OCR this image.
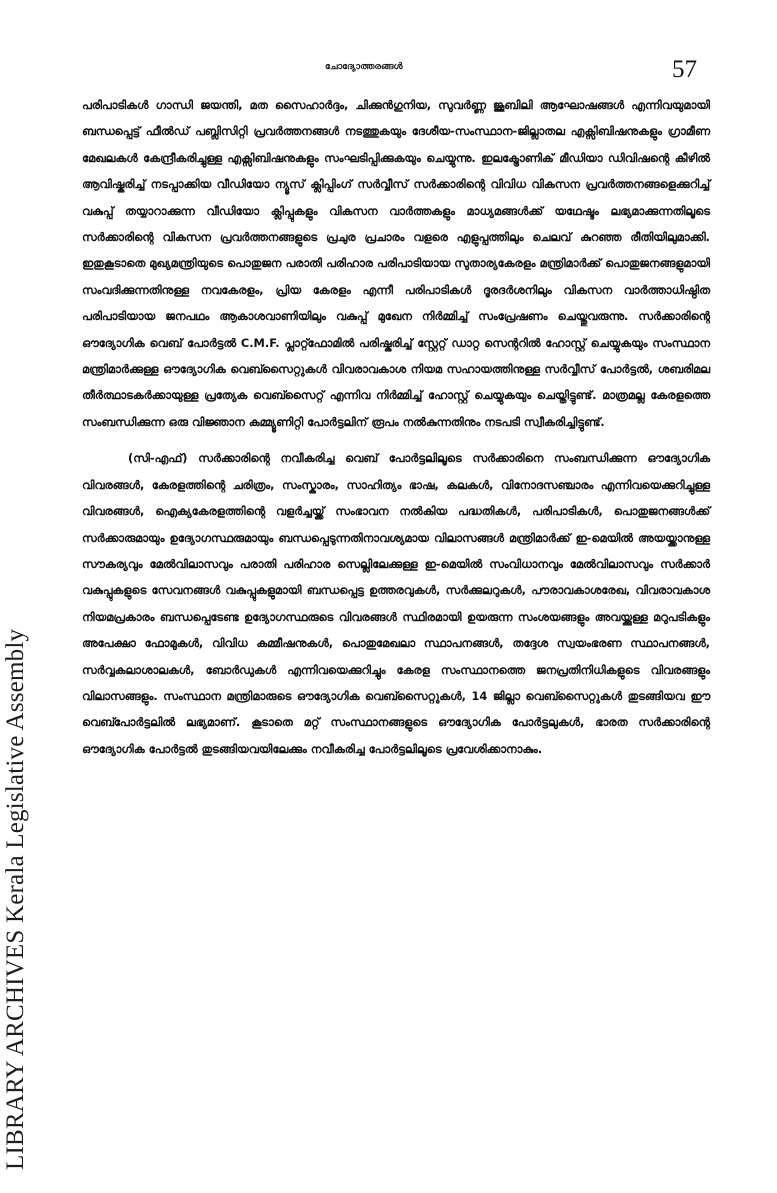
LIBRARY ARCHIVES Kerala Legislative Assembly
ചോദ്യോത്തരങ്ങൾ	57

പരിപാടികൾ ഗാന്ധി ജയന്തി, മത സൈഹാർദ്ദം, ചിക്കുൻഗുനിയ, സുവർണ്ണ ജൂബിലി ആഘോഷങ്ങൾ എന്നിവയുമായി ബന്ധപ്പെട്ട് ഫീൽഡ് പബ്ലിസിറ്റി പ്രവർത്തനങ്ങൾ നടത്തുകയും ദേശീയ-സംസ്ഥാന-ജില്ലാതല എക്സിബിഷനുകളും ഗ്രാമീണ മേഖലകൾ കേന്ദ്രീകരിച്ചുള്ള എക്സിബിഷനുകളും സംഘടിപ്പിക്കുകയും ചെയ്യുന്നു. ഇലക്ട്രോണിക് മീഡിയാ ഡിവിഷന്റെ കീഴിൽ ആവിഷ്കരിച്ച് നടപ്പാക്കിയ വീഡിയോ ന്യൂസ് ക്ലിപ്പിംഗ് സർവ്വീസ് സർക്കാരിന്റെ വിവിധ വികസന പ്രവർത്തനങ്ങളെക്കുറിച്ച് വകുപ്പ് തയ്യാറാക്കുന്ന വീഡിയോ ക്ലിപ്പുകളും വികസന വാർത്തകളും മാധ്യമങ്ങൾക്ക് യഥേഷ്ടം ലഭ്യമാക്കുന്നതിലൂടെ സർക്കാരിന്റെ വികസന പ്രവർത്തനങ്ങളുടെ പ്രചുര പ്രചാരം വളരെ എളുപ്പത്തിലും ചെലവ് കുറഞ്ഞ രീതിയിലുമാക്കി. ഇതുകൂടാതെ മുഖ്യമന്ത്രിയുടെ പൊതുജന പരാതി പരിഹാര പരിപാടിയായ സുതാര്യകേരളം മന്ത്രിമാർക്ക് പൊതുജനങ്ങളുമായി സംവദിക്കുന്നതിനുള്ള നവകേരളം, പ്രിയ കേരളം എന്നീ പരിപാടികൾ ദൂരദർശനിലും വികസന വാർത്താധിഷ്ഠിത പരിപാടിയായ ജനപഥം ആകാശവാണിയിലും വകുപ്പ് മുഖേന നിർമ്മിച്ച് സംപ്രേഷണം ചെയ്തുവരുന്നു. സർക്കാരിന്റെ ഔദ്യോഗിക വെബ് പോർട്ടൽ C.M.F. പ്ലാറ്റ്ഫോമിൽ പരിഷ്കരിച്ച് സ്റ്റേറ്റ് ഡാറ്റ സെന്ററിൽ ഹോസ്റ്റ് ചെയ്യുകയും സംസ്ഥാന മന്ത്രിമാർക്കുള്ള ഔദ്യോഗിക വെബ്സൈറ്റുകൾ വിവരാവകാശ നിയമ സഹായത്തിനുള്ള സർവ്വീസ് പോർട്ടൽ, ശബരിമല തീർത്ഥാടകർക്കായുള്ള പ്രത്യേക വെബ്സൈറ്റ് എന്നിവ നിർമ്മിച്ച് ഹോസ്റ്റ് ചെയ്യുകയും ചെയ്തിട്ടുണ്ട്. മാത്രമല്ല കേരളത്തെ സംബന്ധിക്കുന്ന ഒരു വിജ്ഞാന കമ്മ്യൂണിറ്റി പോർട്ടലിന് രൂപം നൽകുന്നതിനും നടപടി സ്വീകരിച്ചിട്ടുണ്ട്.

(സി-എഫ്) സർക്കാരിന്റെ നവീകരിച്ച വെബ് പോർട്ടലിലൂടെ സർക്കാരിനെ സംബന്ധിക്കുന്ന ഔദ്യോഗിക വിവരങ്ങൾ, കേരളത്തിന്റെ ചരിത്രം, സംസ്കാരം, സാഹിത്യം ഭാഷ, കലകൾ, വിനോദസഞ്ചാരം എന്നിവയെക്കുറിച്ചുള്ള വിവരങ്ങൾ, ഐക്യകേരളത്തിന്റെ വളർച്ചയ്ക്ക് സംഭാവന നൽകിയ പദ്ധതികൾ, പരിപാടികൾ, പൊതുജനങ്ങൾക്ക് സർക്കാരുമായും ഉദ്യോഗസ്ഥരുമായും ബന്ധപ്പെടുന്നതിനാവശ്യമായ വിലാസങ്ങൾ മന്ത്രിമാർക്ക് ഇ-മെയിൽ അയയ്ക്കാനുള്ള സൗകര്യവും മേൽവിലാസവും പരാതി പരിഹാര സെല്ലിലേക്കുള്ള ഇ-മെയിൽ സംവിധാനവും മേൽവിലാസവും സർക്കാർ വകുപ്പുകളുടെ സേവനങ്ങൾ വകുപ്പുകളുമായി ബന്ധപ്പെട്ട ഉത്തരവുകൾ, സർക്കുലറുകൾ, പൗരാവകാശരേഖ, വിവരാവകാശ നിയമപ്രകാരം ബന്ധപ്പെടേണ്ട ഉദ്യോഗസ്ഥരുടെ വിവരങ്ങൾ സ്ഥിരമായി ഉയരുന്ന സംശയങ്ങളും അവയ്ക്കുള്ള മറുപടികളും അപേക്ഷാ ഫോമുകൾ, വിവിധ കമ്മീഷനുകൾ, പൊതുമേഖലാ സ്ഥാപനങ്ങൾ, തദ്ദേശ സ്വയംഭരണ സ്ഥാപനങ്ങൾ, സർവ്വകലാശാലകൾ, ബോർഡുകൾ എന്നിവയെക്കുറിച്ചും കേരള സംസ്ഥാനത്തെ ജനപ്രതിനിധികളുടെ വിവരങ്ങളും വിലാസങ്ങളും. സംസ്ഥാന മന്ത്രിമാരുടെ ഔദ്യോഗിക വെബ്സൈറ്റുകൾ, 14 ജില്ലാ വെബ്സൈറ്റുകൾ തുടങ്ങിയവ ഈ വെബ്പോർട്ടലിൽ ലഭ്യമാണ്. കൂടാതെ മറ്റ് സംസ്ഥാനങ്ങളുടെ ഔദ്യോഗിക പോർട്ടലുകൾ, ഭാരത സർക്കാരിന്റെ ഔദ്യോഗിക പോർട്ടൽ തുടങ്ങിയവയിലേക്കും നവീകരിച്ച പോർട്ടലിലൂടെ പ്രവേശിക്കാനാകും.
